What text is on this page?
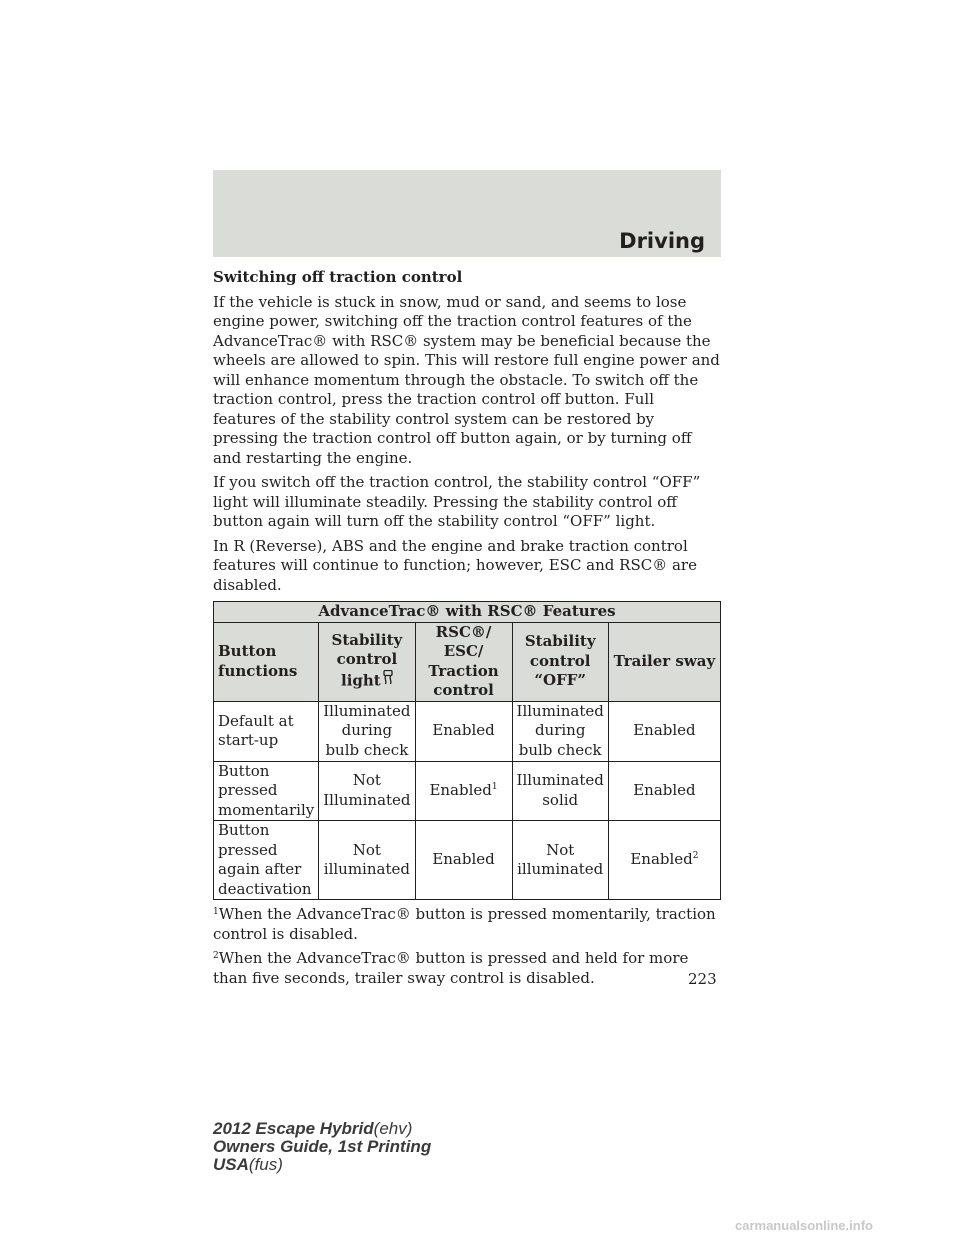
Driving

Switching off traction control

If the vehicle is stuck in snow, mud or sand, and seems to lose engine power, switching off the traction control features of the AdvanceTrac® with RSC® system may be beneficial because the wheels are allowed to spin. This will restore full engine power and will enhance momentum through the obstacle. To switch off the traction control, press the traction control off button. Full features of the stability control system can be restored by pressing the traction control off button again, or by turning off and restarting the engine.

If you switch off the traction control, the stability control “OFF” light will illuminate steadily. Pressing the stability control off button again will turn off the stability control “OFF” light.

In R (Reverse), ABS and the engine and brake traction control features will continue to function; however, ESC and RSC® are disabled.

AdvanceTrac® with RSC® Features				
Button functions	Stability control light	RSC®/ ESC/ Traction control	Stability control “OFF”	Trailer sway
Default at start-up	Illuminated during bulb check	Enabled	Illuminated during bulb check	Enabled
Button pressed momentarily	Not Illuminated	Enabled$^1$	Illuminated solid	Enabled
Button pressed again after deactivation	Not illuminated	Enabled	Not illuminated	Enabled$^2$

$^1$When the AdvanceTrac® button is pressed momentarily, traction control is disabled.

$^2$When the AdvanceTrac® button is pressed and held for more than five seconds, trailer sway control is disabled.	223
2012 Escape Hybrid(ehv)
Owners Guide, 1st Printing
USA(fus)
carmanualsonline.info
